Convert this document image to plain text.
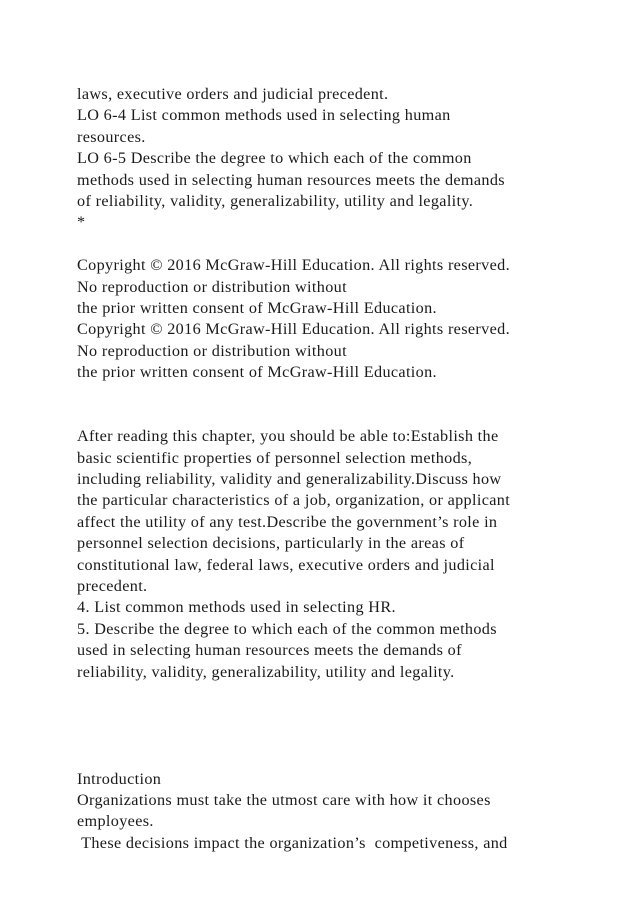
laws, executive orders and judicial precedent.
LO 6-4 List common methods used in selecting human
resources.
LO 6-5 Describe the degree to which each of the common
methods used in selecting human resources meets the demands
of reliability, validity, generalizability, utility and legality.
*
Copyright © 2016 McGraw-Hill Education. All rights reserved.
No reproduction or distribution without
the prior written consent of McGraw-Hill Education.
Copyright © 2016 McGraw-Hill Education. All rights reserved.
No reproduction or distribution without
the prior written consent of McGraw-Hill Education.
After reading this chapter, you should be able to:Establish the
basic scientific properties of personnel selection methods,
including reliability, validity and generalizability.Discuss how
the particular characteristics of a job, organization, or applicant
affect the utility of any test.Describe the government’s role in
personnel selection decisions, particularly in the areas of
constitutional law, federal laws, executive orders and judicial
precedent.
4. List common methods used in selecting HR.
5. Describe the degree to which each of the common methods
used in selecting human resources meets the demands of
reliability, validity, generalizability, utility and legality.
Introduction
Organizations must take the utmost care with how it chooses
employees.
These decisions impact the organization’s  competiveness, and
